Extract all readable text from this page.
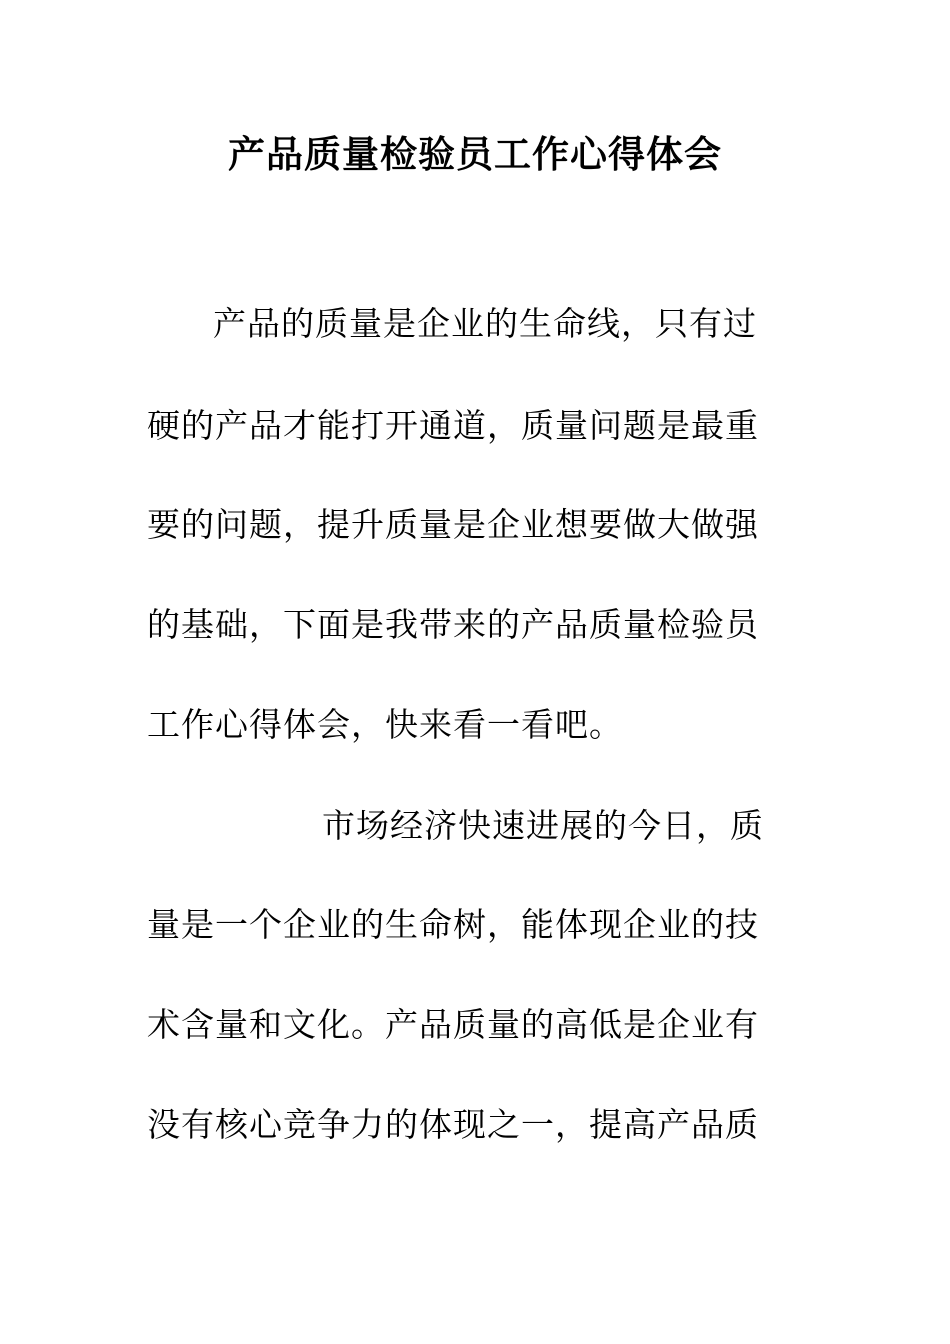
产品质量检验员工作心得体会
产品的质量是企业的生命线，只有过
硬的产品才能打开通道，质量问题是最重
要的问题，提升质量是企业想要做大做强
的基础，下面是我带来的产品质量检验员
工作心得体会，快来看一看吧。
市场经济快速进展的今日，质
量是一个企业的生命树，能体现企业的技
术含量和文化。产品质量的高低是企业有
没有核心竞争力的体现之一，提高产品质
